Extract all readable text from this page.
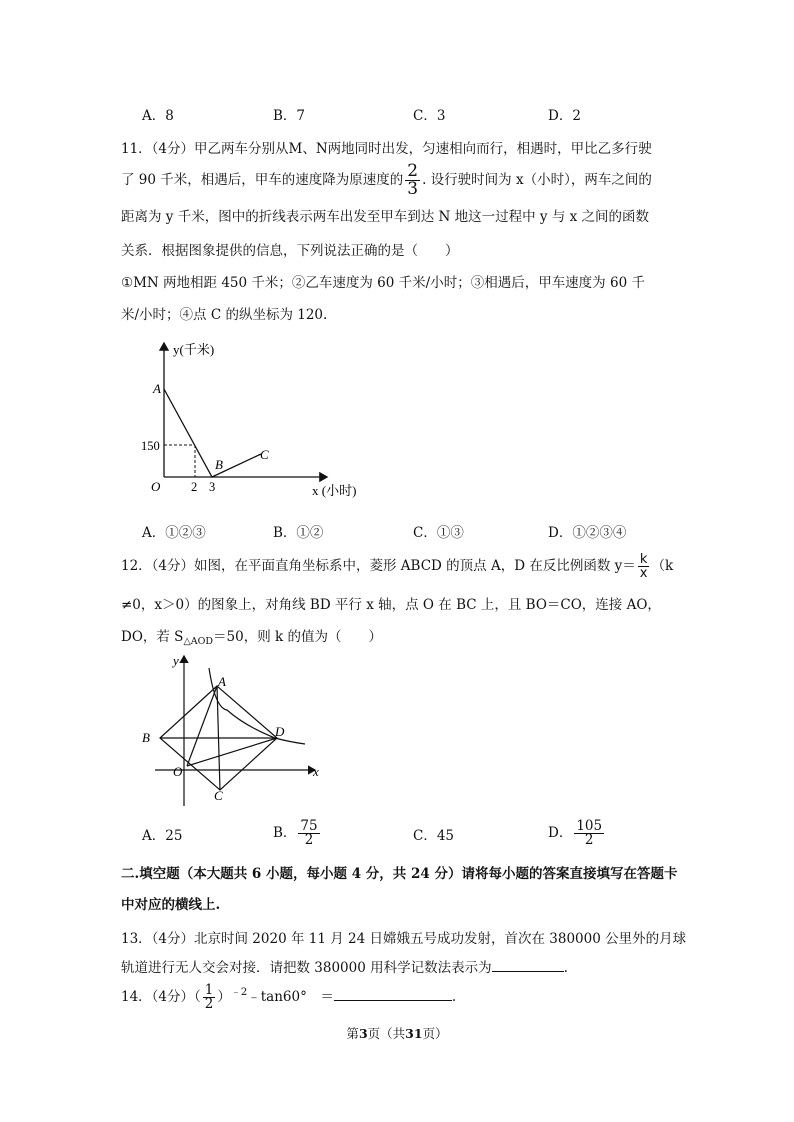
A．8	B．7	C．3	D．2
11．（4分）甲乙两车分别从M、N两地同时出发，匀速相向而行，相遇时，甲比乙多行驶
了 90 千米，相遇后，甲车的速度降为原速度的 $\frac{2}{3}$ . 设行驶时间为 x（小时），两车之间的
距离为 y 千米，图中的折线表示两车出发至甲车到达 N 地这一过程中 y 与 x 之间的函数
关系．根据图象提供的信息，下列说法正确的是（　　）
①MN 两地相距 450 千米；②乙车速度为 60 千米/小时；③相遇后，甲车速度为 60 千
米/小时；④点 C 的纵坐标为 120.
y(千米)
A
150
B
C
O 2 3	x (小时)
A．①②③	B．①②	C．①③	D．①②③④
12．（4分）如图，在平面直角坐标系中，菱形 ABCD 的顶点 A，D 在反比例函数 $y= \frac{k}{x} (k$
≠0，x＞0）的图象上，对角线 BD 平行 x 轴，点 O 在 BC 上，且 BO＝CO，连接 AO，
DO，若 $S_{\triangle AOD}=50$，则 k 的值为（　　）
y
A
B	D
O	x
C
A．25	B． $\frac{75}{2}$	C．45	D． $\frac{105}{2}$
二.填空题（本大题共 6 小题，每小题 4 分，共 24 分）请将每小题的答案直接填写在答题卡
中对应的横线上.
13．（4分）北京时间 2020 年 11 月 24 日嫦娥五号成功发射，首次在 380000 公里外的月球
轨道进行无人交会对接．请把数 380000 用科学记数法表示为	.
14．（4分）（ $\frac{1}{2}$ ）$^{﹣2}$﹣tan60°　＝	.
第3页（共31页）
